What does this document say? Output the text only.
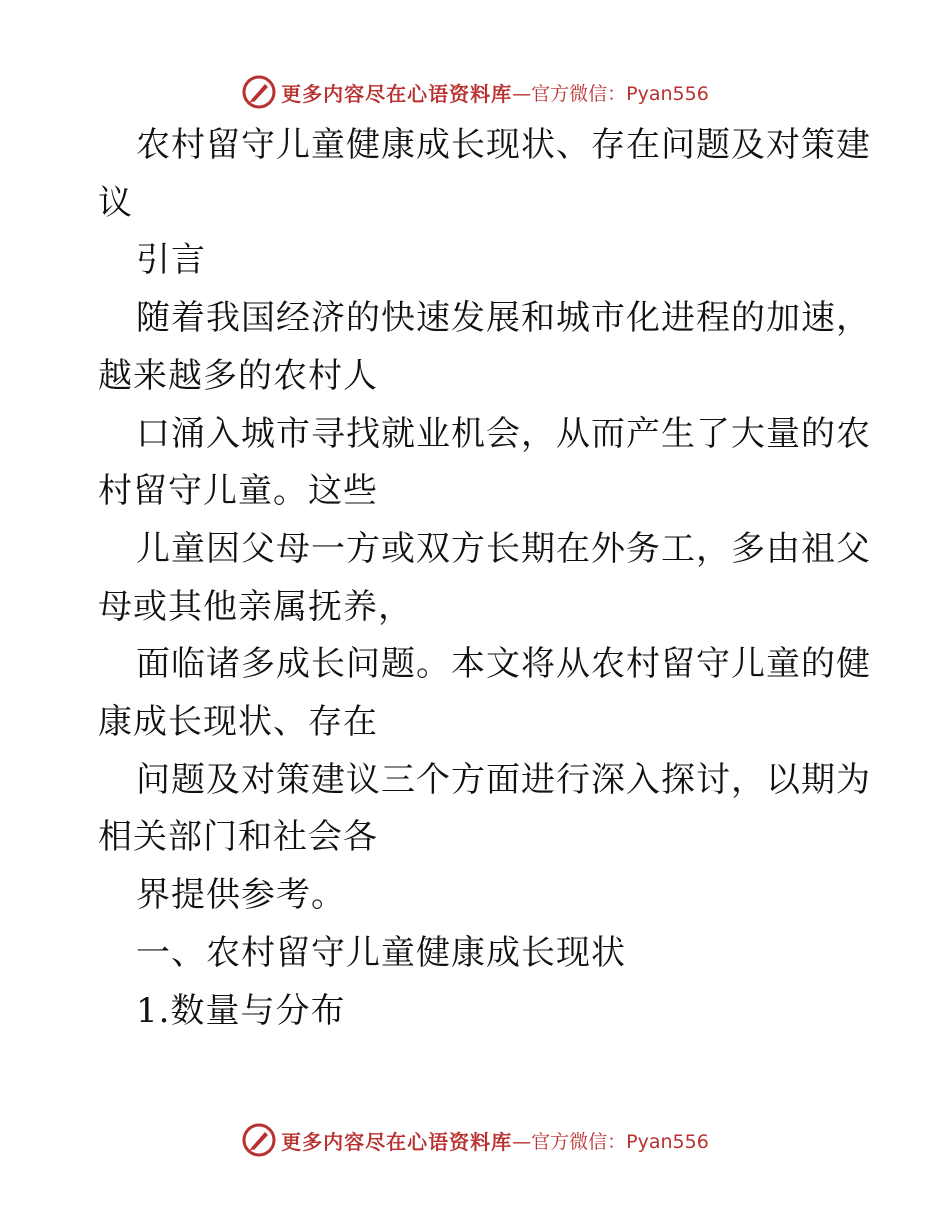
更多内容尽在心语资料库 —官方微信：Pyan556
农村留守儿童健康成长现状、存在问题及对策建
议
引言
随着我国经济的快速发展和城市化进程的加速，
越来越多的农村人
口涌入城市寻找就业机会，从而产生了大量的农
村留守儿童。这些
儿童因父母一方或双方长期在外务工，多由祖父
母或其他亲属抚养，
面临诸多成长问题。本文将从农村留守儿童的健
康成长现状、存在
问题及对策建议三个方面进行深入探讨，以期为
相关部门和社会各
界提供参考。
一、农村留守儿童健康成长现状
1.数量与分布
更多内容尽在心语资料库 —官方微信：Pyan556
